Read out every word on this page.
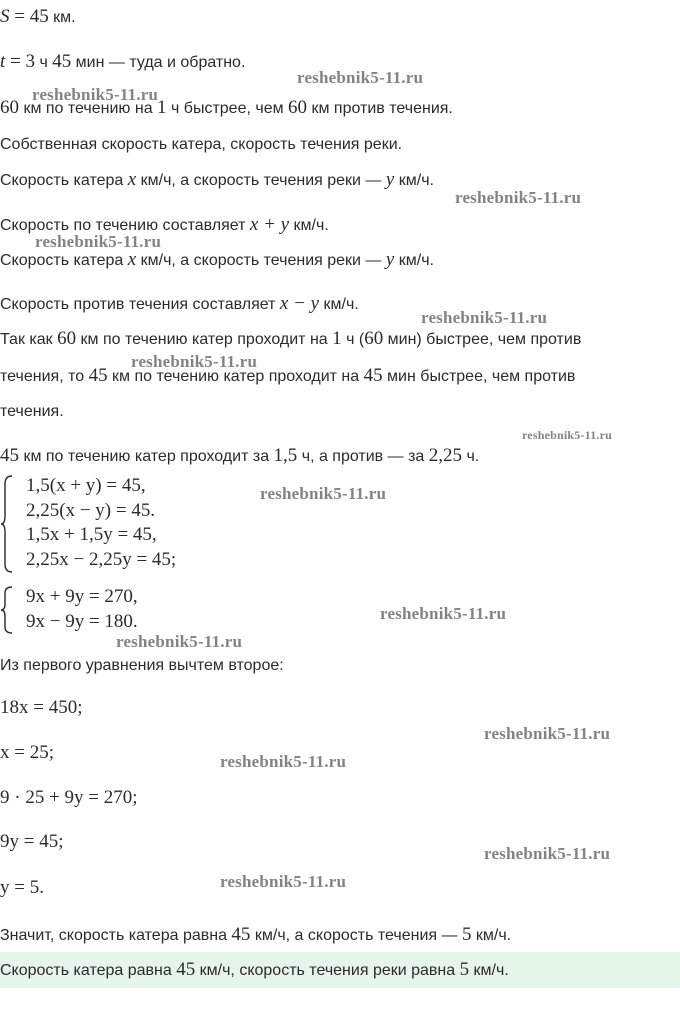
S = 45 км.
t = 3 ч 45 мин — туда и обратно.
60 км по течению на 1 ч быстрее, чем 60 км против течения.
Собственная скорость катера, скорость течения реки.
Скорость катера x км/ч, а скорость течения реки — y км/ч.
Скорость по течению составляет x + y км/ч.
Скорость катера x км/ч, а скорость течения реки — y км/ч.
Скорость против течения составляет x − y км/ч.
Так как 60 км по течению катер проходит на 1 ч (60 мин) быстрее, чем против
течения, то 45 км по течению катер проходит на 45 мин быстрее, чем против
течения.
45 км по течению катер проходит за 1,5 ч, а против — за 2,25 ч.
1,5(x + y) = 45,
2,25(x − y) = 45.
1,5x + 1,5y = 45,
2,25x − 2,25y = 45;
9x + 9y = 270,
9x − 9y = 180.
Из первого уравнения вычтем второе:
18x = 450;
x = 25;
9 · 25 + 9y = 270;
9y = 45;
y = 5.
Значит, скорость катера равна 45 км/ч, а скорость течения — 5 км/ч.
Скорость катера равна 45 км/ч, скорость течения реки равна 5 км/ч.
reshebnik5-11.ru
reshebnik5-11.ru
reshebnik5-11.ru
reshebnik5-11.ru
reshebnik5-11.ru
reshebnik5-11.ru
reshebnik5-11.ru
reshebnik5-11.ru
reshebnik5-11.ru
reshebnik5-11.ru
reshebnik5-11.ru
reshebnik5-11.ru
reshebnik5-11.ru
reshebnik5-11.ru
